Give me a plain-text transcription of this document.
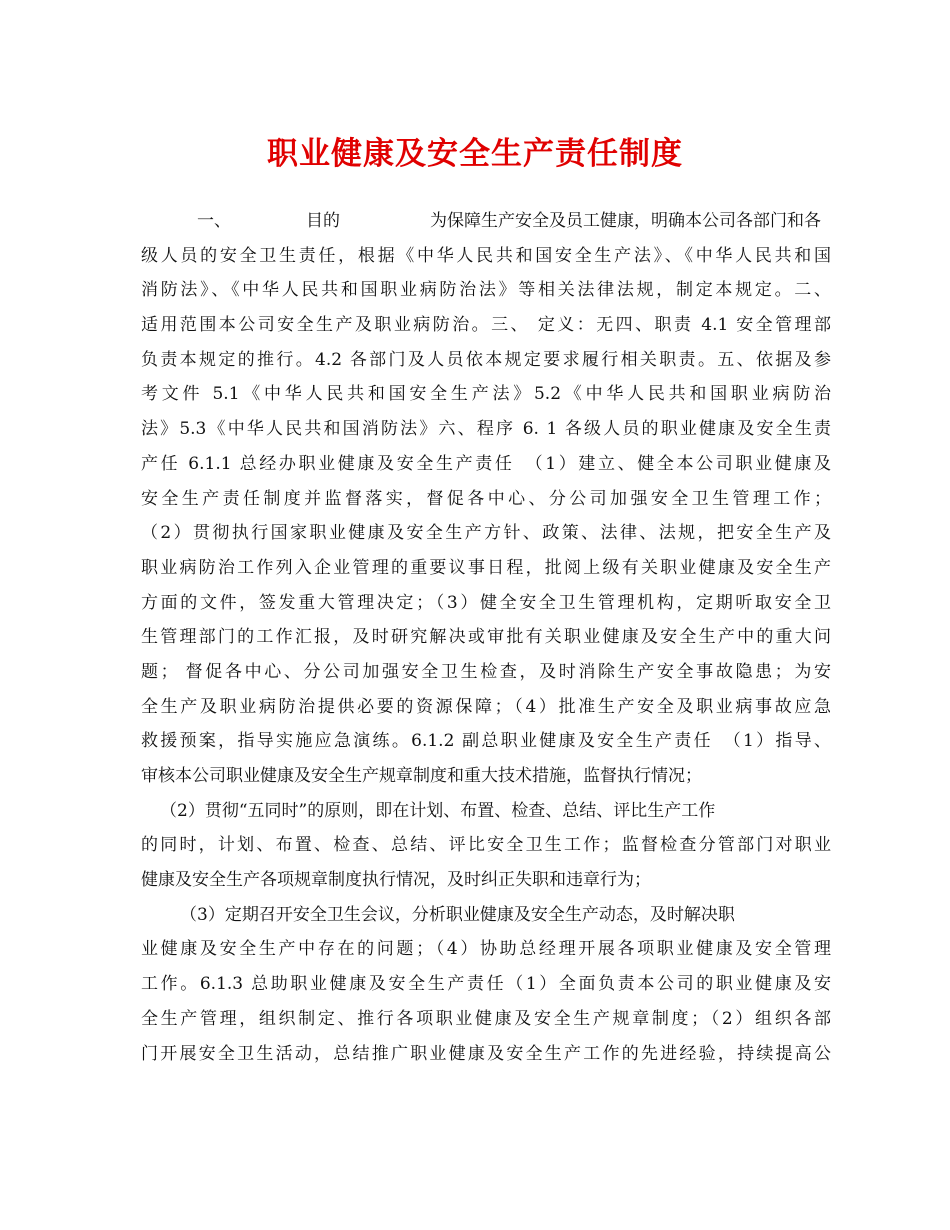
职业健康及安全生产责任制度
一、	目的	为保障生产安全及员工健康，明确本公司各部门和各
级人员的安全卫生责任，根据《中华人民共和国安全生产法》、《中华人民共和国
消防法》、《中华人民共和国职业病防治法》等相关法律法规，制定本规定。二、
适用范围本公司安全生产及职业病防治。三、 定义：无四、职责 4.1 安全管理部
负责本规定的推行。4.2 各部门及人员依本规定要求履行相关职责。五、依据及参
考文件 5.1《中华人民共和国安全生产法》5.2《中华人民共和国职业病防治
法》5.3《中华人民共和国消防法》六、程序 6. 1 各级人员的职业健康及安全生责
产任 6.1.1 总经办职业健康及安全生产责任　（1）建立、健全本公司职业健康及
安全生产责任制度并监督落实，督促各中心、分公司加强安全卫生管理工作；
（2）贯彻执行国家职业健康及安全生产方针、政策、法律、法规，把安全生产及
职业病防治工作列入企业管理的重要议事日程，批阅上级有关职业健康及安全生产
方面的文件，签发重大管理决定；（3）健全安全卫生管理机构，定期听取安全卫
生管理部门的工作汇报，及时研究解决或审批有关职业健康及安全生产中的重大问
题； 督促各中心、分公司加强安全卫生检查，及时消除生产安全事故隐患；为安
全生产及职业病防治提供必要的资源保障；（4）批准生产安全及职业病事故应急
救援预案，指导实施应急演练。6.1.2 副总职业健康及安全生产责任　（1）指导、
审核本公司职业健康及安全生产规章制度和重大技术措施，监督执行情况；
（2）贯彻“五同时”的原则，即在计划、布置、检查、总结、评比生产工作
的同时，计划、布置、检查、总结、评比安全卫生工作；监督检查分管部门对职业
健康及安全生产各项规章制度执行情况，及时纠正失职和违章行为；
（3）定期召开安全卫生会议，分析职业健康及安全生产动态，及时解决职
业健康及安全生产中存在的问题；（4）协助总经理开展各项职业健康及安全管理
工作。6.1.3 总助职业健康及安全生产责任（1）全面负责本公司的职业健康及安
全生产管理，组织制定、推行各项职业健康及安全生产规章制度；（2）组织各部
门开展安全卫生活动，总结推广职业健康及安全生产工作的先进经验，持续提高公
